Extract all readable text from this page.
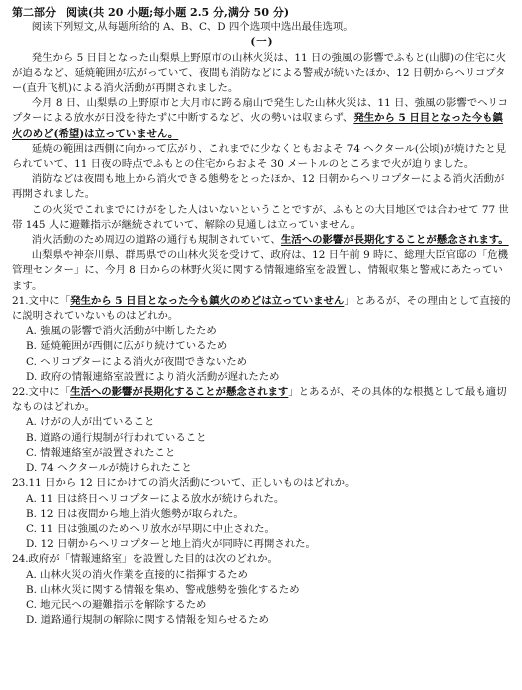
第二部分 阅读(共 20 小题;每小题 2.5 分,满分 50 分)

阅读下列短文,从每题所给的 A、B、C、D 四个选项中选出最佳选项。

(一)

発生から 5 日目となった山梨県上野原市の山林火災は、11 日の強風の影響でふもと(山脚)の住宅に火が迫るなど、延焼範囲が広がっていて、夜間も消防などによる警戒が続いたほか、12 日朝からヘリコプター(直升飞机)による消火活動が再開されました。

今月 8 日、山梨県の上野原市と大月市に跨る扇山で発生した山林火災は、11 日、強風の影響でヘリコプターによる放水が日没を待たずに中断するなど、火の勢いは収まらず、発生から 5 日目となった今も鎮火のめど(希望)は立っていません。

延焼の範囲は西側に向かって広がり、これまでに少なくともおよそ 74 ヘクタール(公顷)が焼けたと見られていて、11 日夜の時点でふもとの住宅からおよそ 30 メートルのところまで火が迫りました。

消防などは夜間も地上から消火できる態勢をとったほか、12 日朝からヘリコプターによる消火活動が再開されました。

この火災でこれまでにけがをした人はいないということですが、ふもとの大目地区では合わせて 77 世帯 145 人に避難指示が継続されていて、解除の見通しは立っていません。

消火活動のため周辺の道路の通行も規制されていて、生活への影響が長期化することが懸念されます。

山梨県や神奈川県、群馬県での山林火災を受けて、政府は、12 日午前 9 時に、総理大臣官邸の「危機管理センター」に、今月 8 日からの林野火災に関する情報連絡室を設置し、情報収集と警戒にあたっています。

21.文中に「発生から 5 日目となった今も鎮火のめどは立っていません」とあるが、その理由として直接的に説明されていないものはどれか。
A. 強風の影響で消火活動が中断したため
B. 延焼範囲が西側に広がり続けているため
C. ヘリコプターによる消火が夜間できないため
D. 政府の情報連絡室設置により消火活動が遅れたため
22.文中に「生活への影響が長期化することが懸念されます」とあるが、その具体的な根拠として最も適切なものはどれか。
A. けがの人が出ていること
B. 道路の通行規制が行われていること
C. 情報連絡室が設置されたこと
D. 74 ヘクタールが焼けられたこと
23.11 日から 12 日にかけての消火活動について、正しいものはどれか。
A. 11 日は終日ヘリコプターによる放水が続けられた。
B. 12 日は夜間から地上消火態勢が取られた。
C. 11 日は強風のためヘリ放水が早期に中止された。
D. 12 日朝からヘリコプターと地上消火が同時に再開された。
24.政府が「情報連絡室」を設置した目的は次のどれか。
A. 山林火災の消火作業を直接的に指揮するため
B. 山林火災に関する情報を集め、警戒態勢を強化するため
C. 地元民への避難指示を解除するため
D. 道路通行規制の解除に関する情報を知らせるため
